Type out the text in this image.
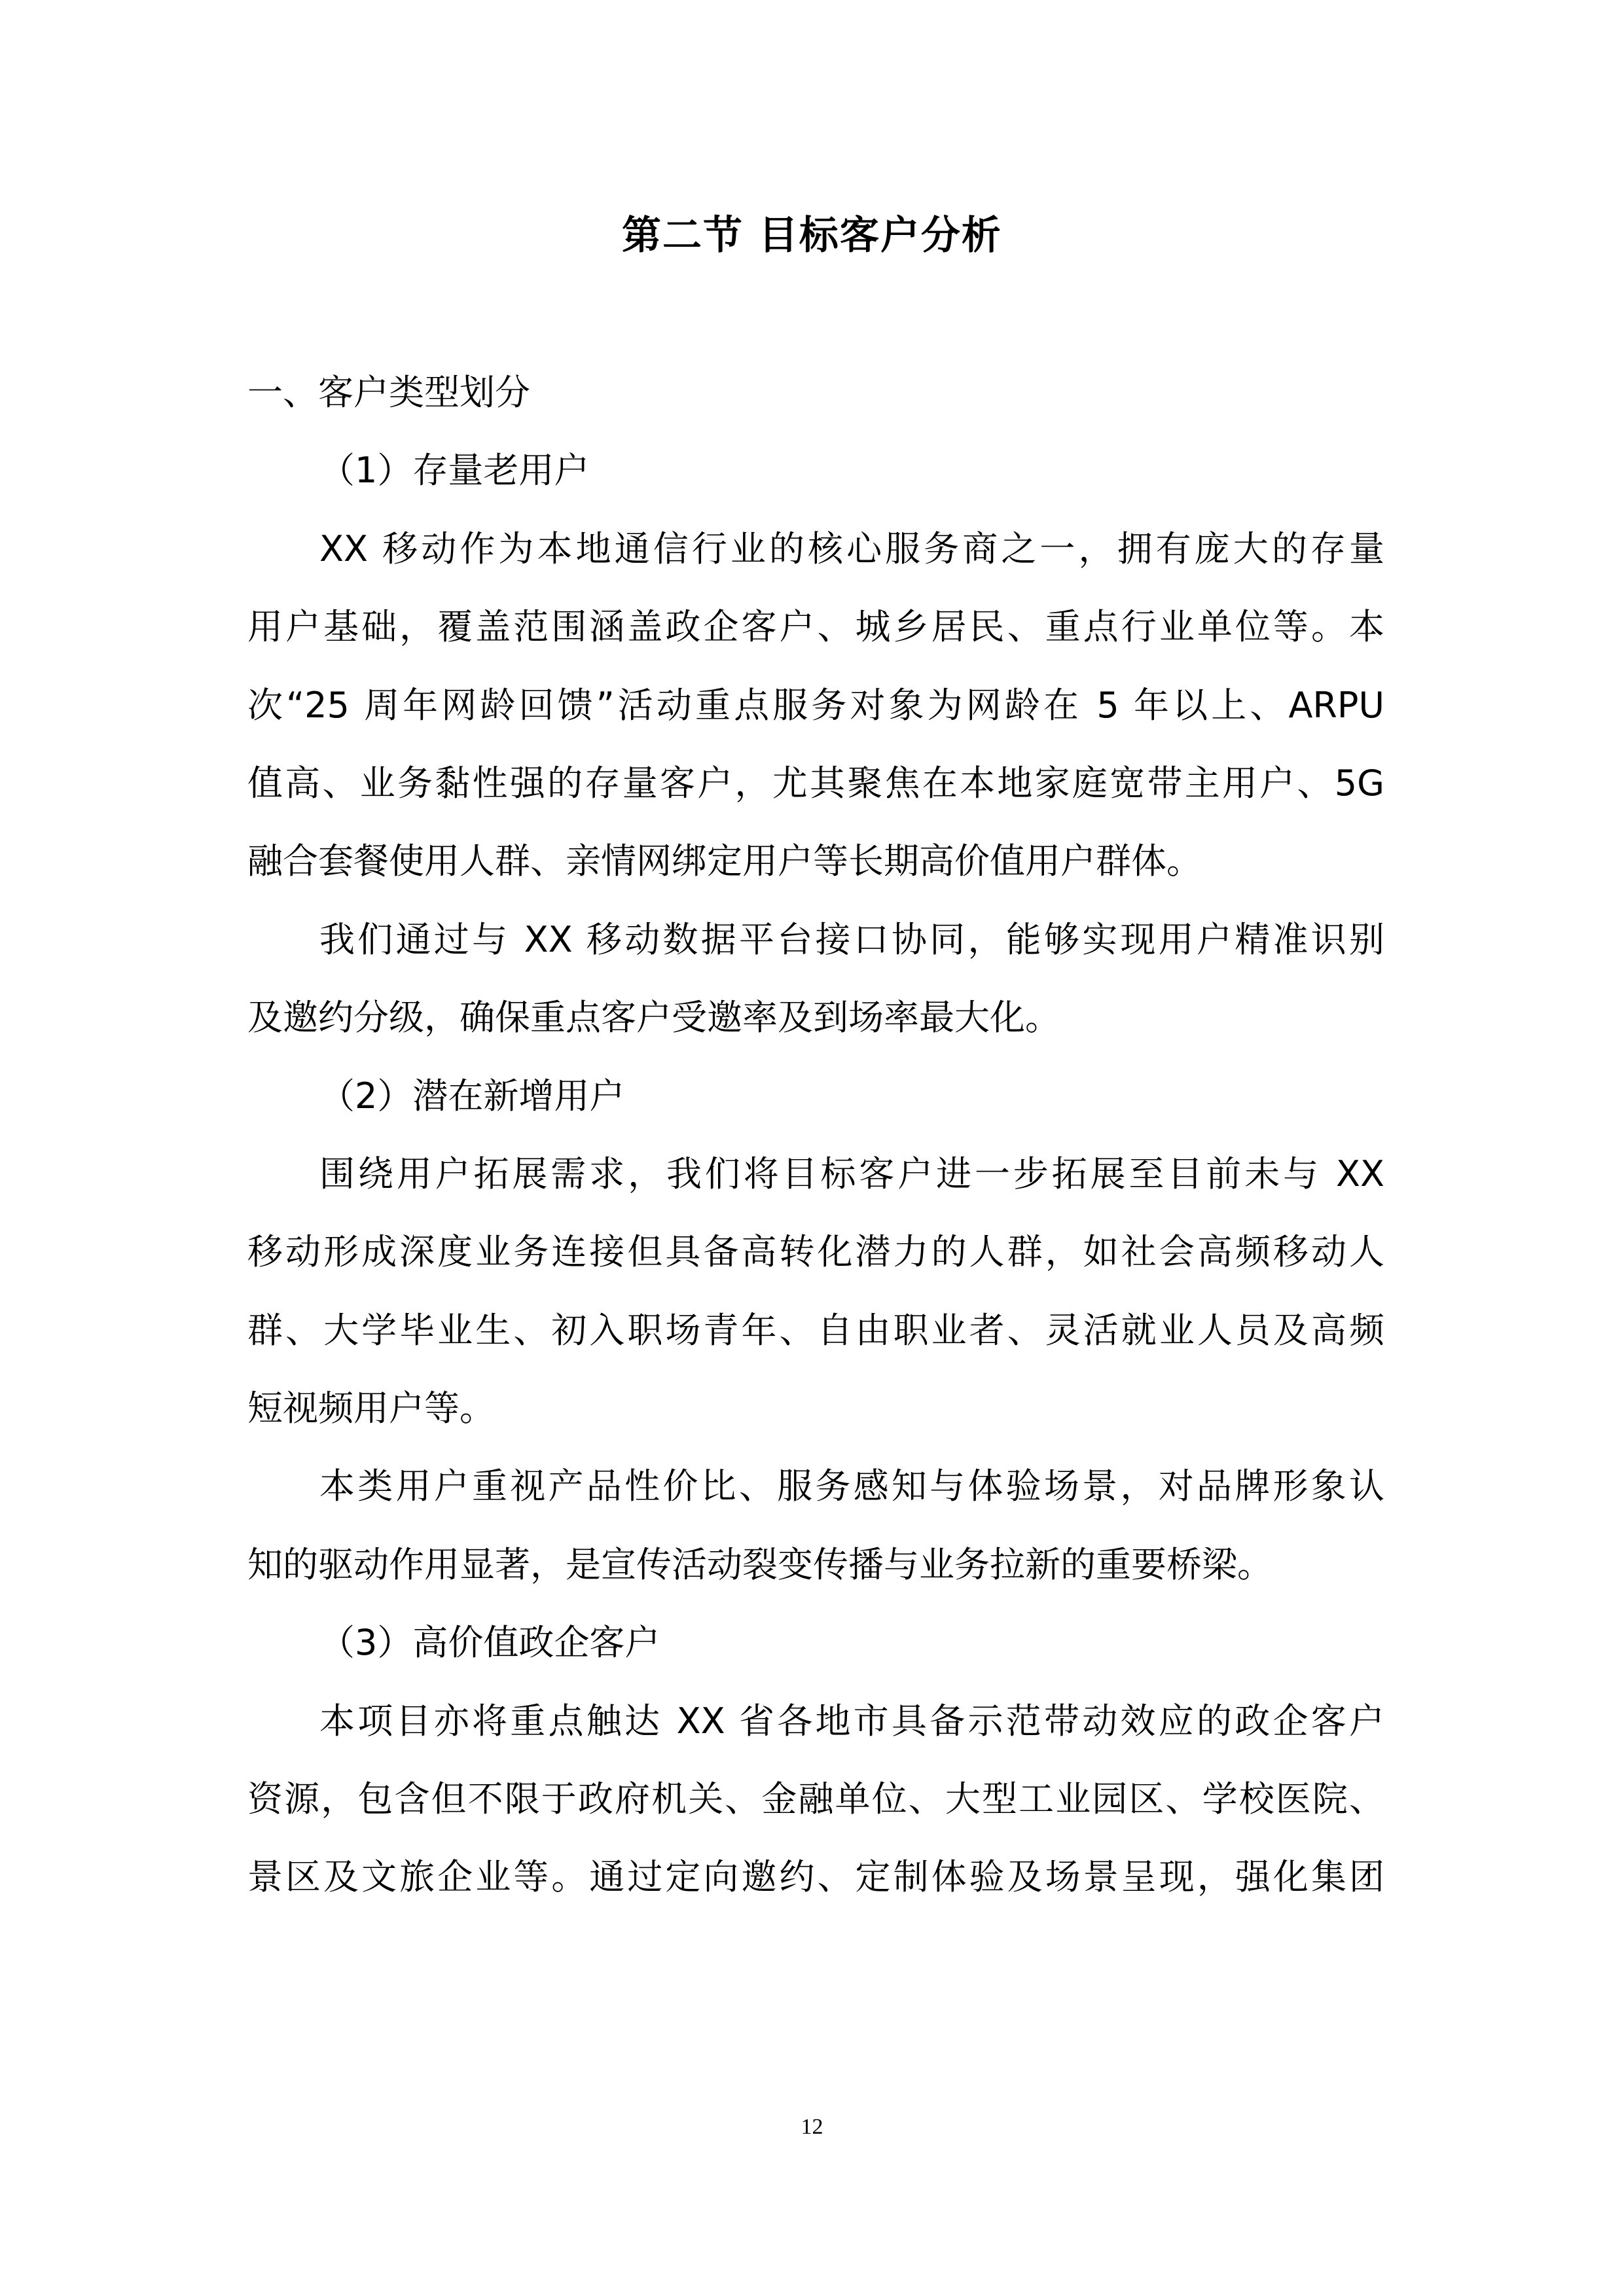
第二节 目标客户分析
一、客户类型划分
（1）存量老用户
XX 移动作为本地通信行业的核心服务商之一，拥有庞大的存量
用户基础，覆盖范围涵盖政企客户、城乡居民、重点行业单位等。本
次“25 周年网龄回馈”活动重点服务对象为网龄在 5 年以上、ARPU
值高、业务黏性强的存量客户，尤其聚焦在本地家庭宽带主用户、5G
融合套餐使用人群、亲情网绑定用户等长期高价值用户群体。
我们通过与 XX 移动数据平台接口协同，能够实现用户精准识别
及邀约分级，确保重点客户受邀率及到场率最大化。
（2）潜在新增用户
围绕用户拓展需求，我们将目标客户进一步拓展至目前未与 XX
移动形成深度业务连接但具备高转化潜力的人群，如社会高频移动人
群、大学毕业生、初入职场青年、自由职业者、灵活就业人员及高频
短视频用户等。
本类用户重视产品性价比、服务感知与体验场景，对品牌形象认
知的驱动作用显著，是宣传活动裂变传播与业务拉新的重要桥梁。
（3）高价值政企客户
本项目亦将重点触达 XX 省各地市具备示范带动效应的政企客户
资源，包含但不限于政府机关、金融单位、大型工业园区、学校医院、
景区及文旅企业等。通过定向邀约、定制体验及场景呈现，强化集团
12
